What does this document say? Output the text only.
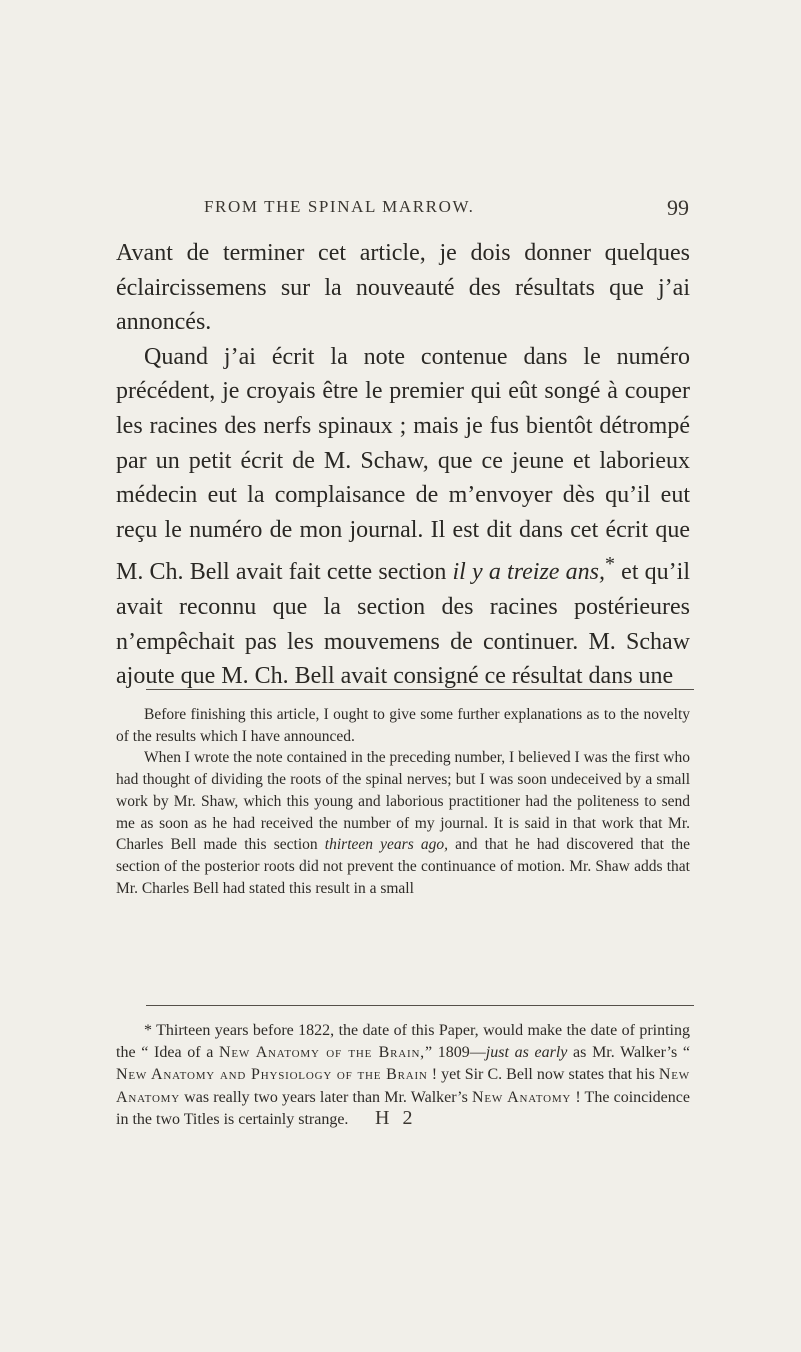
FROM THE SPINAL MARROW.	99

Avant de terminer cet article, je dois donner quelques éclaircissemens sur la nouveauté des résultats que j’ai annoncés.

Quand j’ai écrit la note contenue dans le numéro précédent, je croyais être le premier qui eût songé à couper les racines des nerfs spinaux ; mais je fus bientôt détrompé par un petit écrit de M. Schaw, que ce jeune et laborieux médecin eut la complaisance de m’envoyer dès qu’il eut reçu le numéro de mon journal. Il est dit dans cet écrit que M. Ch. Bell avait fait cette section il y a treize ans,* et qu’il avait reconnu que la section des racines postérieures n’empêchait pas les mouvemens de continuer. M. Schaw ajoute que M. Ch. Bell avait consigné ce résultat dans une

Before finishing this article, I ought to give some further explanations as to the novelty of the results which I have announced.

When I wrote the note contained in the preceding number, I believed I was the first who had thought of dividing the roots of the spinal nerves; but I was soon undeceived by a small work by Mr. Shaw, which this young and laborious practitioner had the politeness to send me as soon as he had received the number of my journal. It is said in that work that Mr. Charles Bell made this section thirteen years ago, and that he had discovered that the section of the posterior roots did not prevent the continuance of motion. Mr. Shaw adds that Mr. Charles Bell had stated this result in a small

* Thirteen years before 1822, the date of this Paper, would make the date of printing the “ Idea of a New Anatomy of the Brain,” 1809—just as early as Mr. Walker’s “ New Anatomy and Physiology of the Brain ! yet Sir C. Bell now states that his New Anatomy was really two years later than Mr. Walker’s New Anatomy ! The coincidence in the two Titles is certainly strange.	H 2
